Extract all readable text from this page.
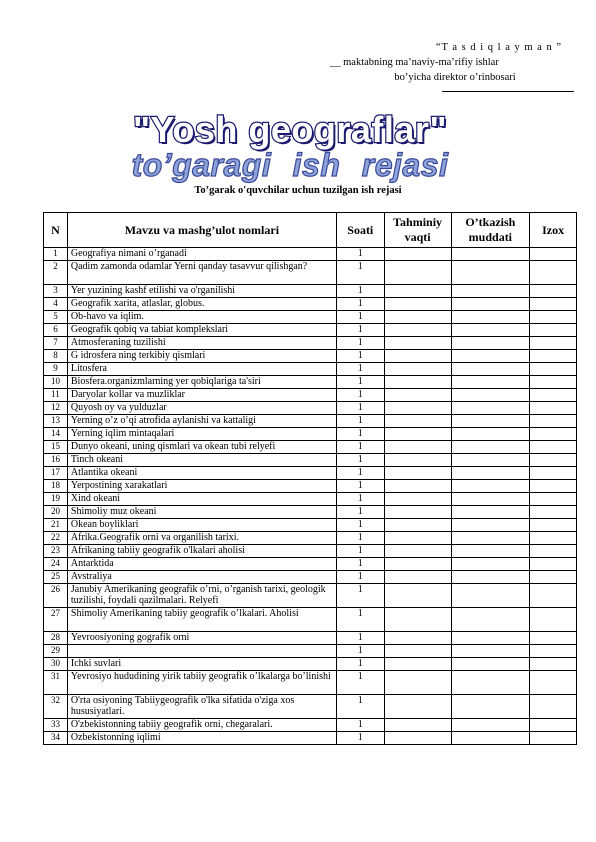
“T a s d i q l a y m a n ”
__ maktabning ma’naviy-ma’rifiy ishlar
bo’yicha direktor o’rinbosari
"Yosh geograflar"
to’garagi ish rejasi
To’garak o'quvchilar uchun tuzilgan ish rejasi
N	Mavzu va mashg’ulot nomlari	Soati	Tahminiy vaqti	O’tkazish muddati	Izox
1	Geografiya nimani o’rganadi	1			
2	Qadim zamonda odamlar Yerni qanday tasavvur qilishgan?	1			
3	Yer yuzining kashf etilishi va o'rganilishi	1			
4	Geografik xarita, atlaslar, globus.	1			
5	Ob-havo va iqlim.	1			
6	Geografik qobiq va tabiat komplekslari	1			
7	Atmosferaning tuzilishi	1			
8	G idrosfera ning terkibiy qismlari	1			
9	Litosfera	1			
10	Biosfera.organizmlarning yer qobiqlariga ta'siri	1			
11	Daryolar kollar va muzliklar	1			
12	Quyosh oy va yulduzlar	1			
13	Yerning o’z o’qi atrofida aylanishi va kattaligi	1			
14	Yerning iqlim mintaqalari	1			
15	Dunyo okeani, uning qismlari va okean tubi relyefi	1			
16	Tinch okeani	1			
17	Atlantika okeani	1			
18	Yerpostining xarakatlari	1			
19	Xind okeani	1			
20	Shimoliy muz okeani	1			
21	Okean boyliklari	1			
22	Afrika.Geografik orni va organilish tarixi.	1			
23	Afrikaning tabiiy geografik o'lkalari aholisi	1			
24	Antarktida	1			
25	Avstraliya	1			
26	Janubiy Amerikaning geografik o’rni, o’rganish tarixi, geologik tuzilishi, foydali qazilmalari. Relyefi	1			
27	Shimoliy Amerikaning tabiiy geografik o’lkalari. Aholisi	1			
28	Yevroosiyoning gografik orni	1			
29		1			
30	Ichki suvlari	1			
31	Yevrosiyo hududining yirik tabiiy geografik o’lkalarga bo’linishi	1			
32	O'rta osiyoning Tabiiygeografik o'lka sifatida o'ziga xos hususiyatlari.	1			
33	O'zbekistonning tabiiy geografik orni, chegaralari.	1			
34	Ozbekistonning iqlimi	1			
